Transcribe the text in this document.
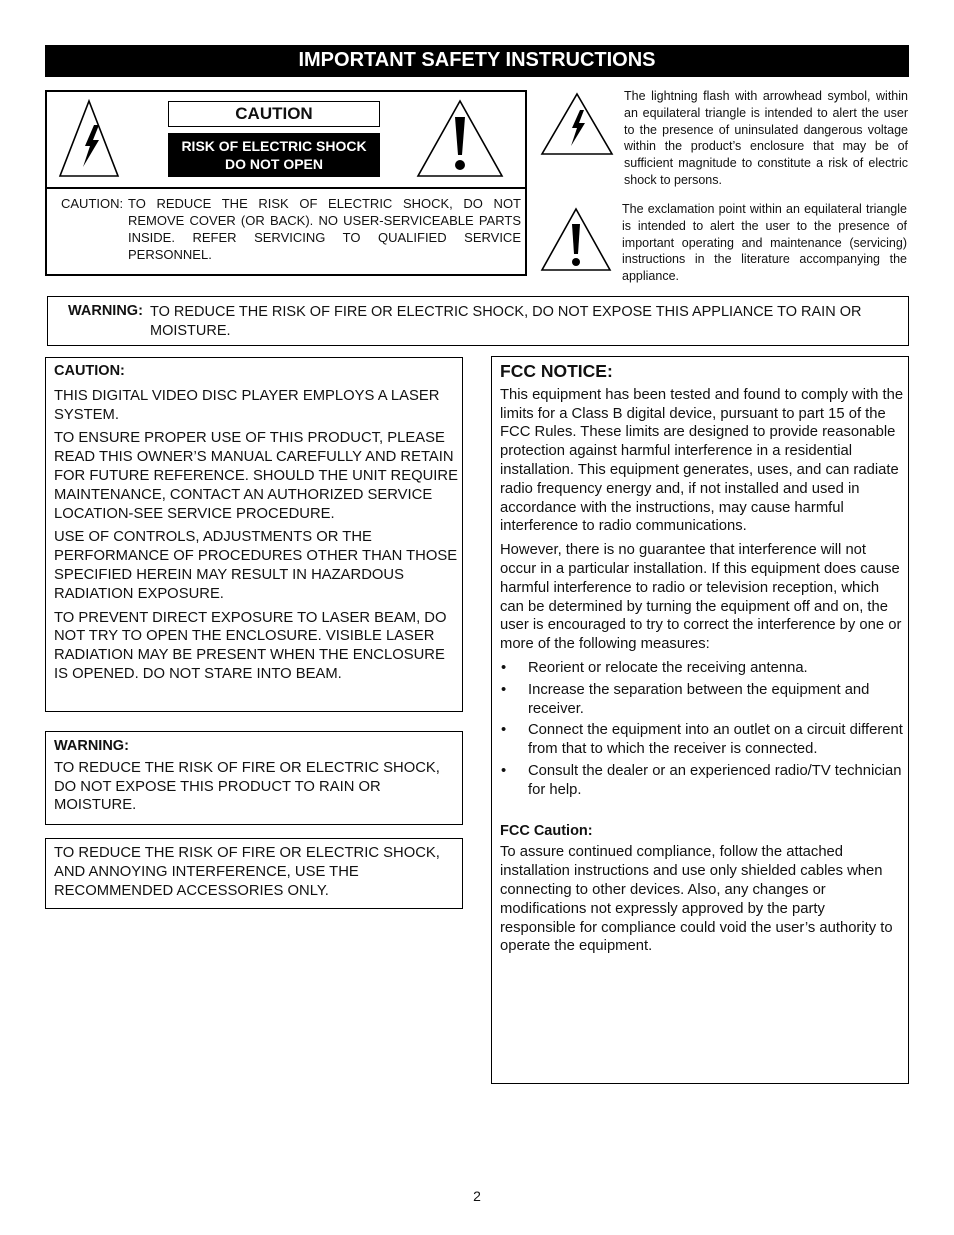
IMPORTANT SAFETY INSTRUCTIONS
CAUTION
RISK OF ELECTRIC SHOCK
DO NOT OPEN
CAUTION: TO REDUCE THE RISK OF ELECTRIC SHOCK, DO NOT REMOVE COVER (OR BACK). NO USER-SERVICEABLE PARTS INSIDE. REFER SERVICING TO QUALIFIED SERVICE PERSONNEL.
The lightning flash with arrowhead symbol, within an equilateral triangle is intended to alert the user to the presence of uninsulated dangerous voltage within the product’s enclosure that may be of sufficient magnitude to constitute a risk of electric shock to persons.
The exclamation point within an equilateral triangle is intended to alert the user to the presence of important operating and maintenance (servicing) instructions in the literature accompanying the appliance.
WARNING: TO REDUCE THE RISK OF FIRE OR ELECTRIC SHOCK, DO NOT EXPOSE THIS APPLIANCE TO RAIN OR MOISTURE.
CAUTION:

THIS DIGITAL VIDEO DISC PLAYER EMPLOYS A LASER SYSTEM.

TO ENSURE PROPER USE OF THIS PRODUCT, PLEASE READ THIS OWNER’S MANUAL CAREFULLY AND RETAIN FOR FUTURE REFERENCE. SHOULD THE UNIT REQUIRE MAINTENANCE, CONTACT AN AUTHORIZED SERVICE LOCATION-SEE SERVICE PROCEDURE.

USE OF CONTROLS, ADJUSTMENTS OR THE PERFORMANCE OF PROCEDURES OTHER THAN THOSE SPECIFIED HEREIN MAY RESULT IN HAZARDOUS RADIATION EXPOSURE.

TO PREVENT DIRECT EXPOSURE TO LASER BEAM, DO NOT TRY TO OPEN THE ENCLOSURE. VISIBLE LASER RADIATION MAY BE PRESENT WHEN THE ENCLOSURE IS OPENED. DO NOT STARE INTO BEAM.

WARNING:
TO REDUCE THE RISK OF FIRE OR ELECTRIC SHOCK, DO NOT EXPOSE THIS PRODUCT TO RAIN OR MOISTURE.
TO REDUCE THE RISK OF FIRE OR ELECTRIC SHOCK, AND ANNOYING INTERFERENCE, USE THE RECOMMENDED ACCESSORIES ONLY.
FCC NOTICE:

This equipment has been tested and found to comply with the limits for a Class B digital device, pursuant to part 15 of the FCC Rules. These limits are designed to provide reasonable protection against harmful interference in a residential installation. This equipment generates, uses, and can radiate radio frequency energy and, if not installed and used in accordance with the instructions, may cause harmful interference to radio communications.

However, there is no guarantee that interference will not occur in a particular installation. If this equipment does cause harmful interference to radio or television reception, which can be determined by turning the equipment off and on, the user is encouraged to try to correct the interference by one or more of the following measures:

• Reorient or relocate the receiving antenna.
• Increase the separation between the equipment and receiver.
• Connect the equipment into an outlet on a circuit different from that to which the receiver is connected.
• Consult the dealer or an experienced radio/TV technician for help.
FCC Caution:
To assure continued compliance, follow the attached installation instructions and use only shielded cables when connecting to other devices. Also, any changes or modifications not expressly approved by the party responsible for compliance could void the user’s authority to operate the equipment.
2
